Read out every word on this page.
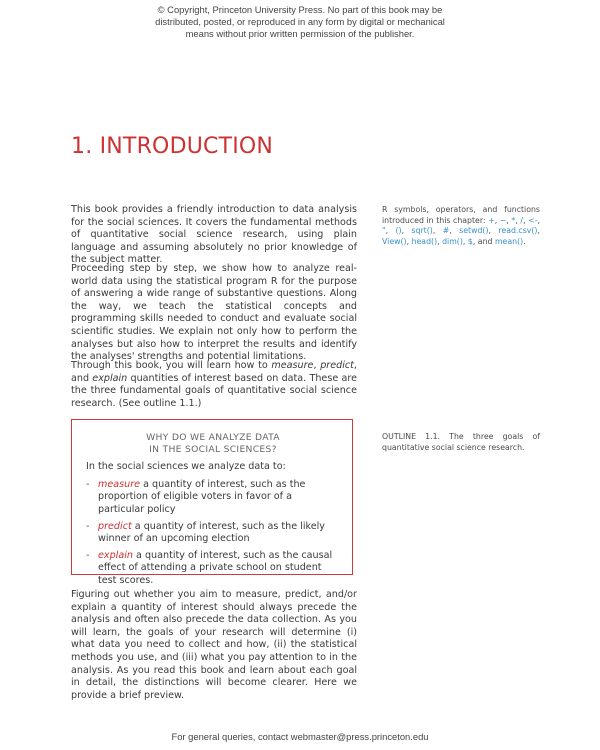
© Copyright, Princeton University Press. No part of this book may be
distributed, posted, or reproduced in any form by digital or mechanical
means without prior written permission of the publisher.
1. INTRODUCTION

This book provides a friendly introduction to data analysis for the social sciences. It covers the fundamental methods of quantitative social science research, using plain language and assuming absolutely no prior knowledge of the subject matter.

Proceeding step by step, we show how to analyze real-world data using the statistical program R for the purpose of answering a wide range of substantive questions. Along the way, we teach the statistical concepts and programming skills needed to conduct and evaluate social scientific studies. We explain not only how to perform the analyses but also how to interpret the results and identify the analyses' strengths and potential limitations.

Through this book, you will learn how to measure, predict, and explain quantities of interest based on data. These are the three fundamental goals of quantitative social science research. (See outline 1.1.)

R symbols, operators, and functions introduced in this chapter: +, −, *, /, <-, ", (), sqrt(), #, setwd(), read.csv(), View(), head(), dim(), $, and mean().
WHY DO WE ANALYZE DATA
IN THE SOCIAL SCIENCES?

In the social sciences we analyze data to:

- measure a quantity of interest, such as the proportion of eligible voters in favor of a particular policy
- predict a quantity of interest, such as the likely winner of an upcoming election
- explain a quantity of interest, such as the causal effect of attending a private school on student test scores.
OUTLINE 1.1. The three goals of quantitative social science research.

Figuring out whether you aim to measure, predict, and/or explain a quantity of interest should always precede the analysis and often also precede the data collection. As you will learn, the goals of your research will determine (i) what data you need to collect and how, (ii) the statistical methods you use, and (iii) what you pay attention to in the analysis. As you read this book and learn about each goal in detail, the distinctions will become clearer. Here we provide a brief preview.

For general queries, contact webmaster@press.princeton.edu
